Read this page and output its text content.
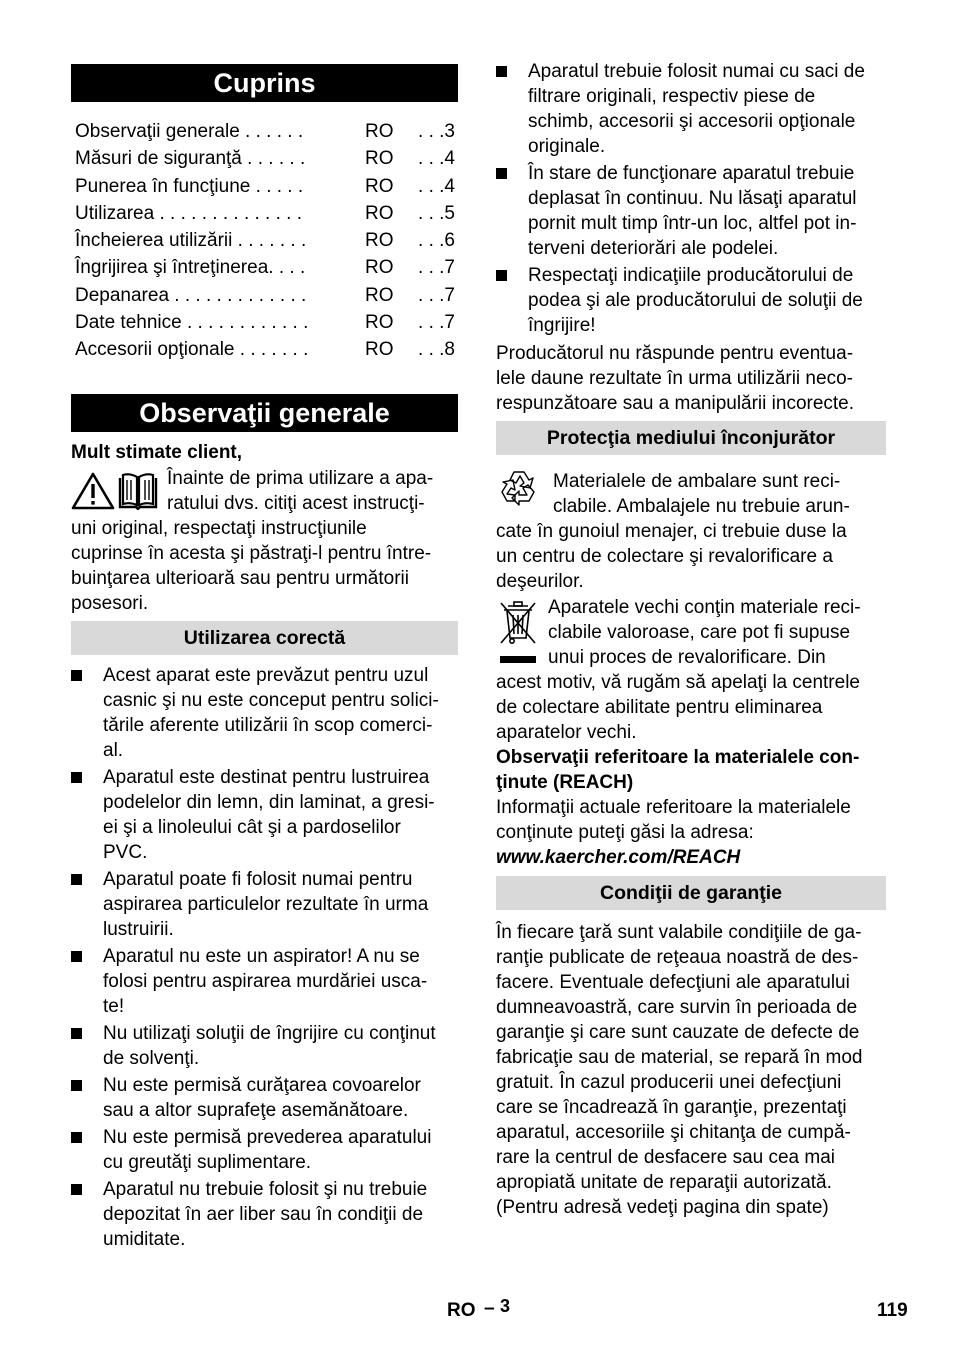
Cuprins
Observaţii generale . . . . . .	RO . . .3
Măsuri de siguranţă . . . . . .	RO . . .4
Punerea în funcţiune . . . . .	RO . . .4
Utilizarea . . . . . . . . . . . . . .	RO . . .5
Încheierea utilizării . . . . . . .	RO . . .6
Îngrijirea şi întreţinerea. . . .	RO . . .7
Depanarea . . . . . . . . . . . . .	RO . . .7
Date tehnice . . . . . . . . . . . .	RO . . .7
Accesorii opţionale . . . . . . .	RO . . .8
Observaţii generale
Mult stimate client,
Înainte de prima utilizare a apa-
ratului dvs. citiţi acest instrucţi-
uni original, respectaţi instrucţiunile
cuprinse în acesta şi păstraţi-l pentru între-
buinţarea ulterioară sau pentru următorii
posesori.
Utilizarea corectă
Acest aparat este prevăzut pentru uzul
casnic şi nu este conceput pentru solici-
tările aferente utilizării în scop comerci-
al.
Aparatul este destinat pentru lustruirea
podelelor din lemn, din laminat, a gresi-
ei şi a linoleului cât şi a pardoselilor
PVC.
Aparatul poate fi folosit numai pentru
aspirarea particulelor rezultate în urma
lustruirii.
Aparatul nu este un aspirator! A nu se
folosi pentru aspirarea murdăriei usca-
te!
Nu utilizaţi soluţii de îngrijire cu conţinut
de solvenţi.
Nu este permisă curăţarea covoarelor
sau a altor suprafeţe asemănătoare.
Nu este permisă prevederea aparatului
cu greutăţi suplimentare.
Aparatul nu trebuie folosit şi nu trebuie
depozitat în aer liber sau în condiţii de
umiditate.
Aparatul trebuie folosit numai cu saci de
filtrare originali, respectiv piese de
schimb, accesorii şi accesorii opţionale
originale.
În stare de funcţionare aparatul trebuie
deplasat în continuu. Nu lăsaţi aparatul
pornit mult timp într-un loc, altfel pot in-
terveni deteriorări ale podelei.
Respectaţi indicaţiile producătorului de
podea şi ale producătorului de soluţii de
îngrijire!
Producătorul nu răspunde pentru eventua-
lele daune rezultate în urma utilizării neco-
respunzătoare sau a manipulării incorecte.
Protecţia mediului înconjurător
Materialele de ambalare sunt reci-
clabile. Ambalajele nu trebuie arun-
cate în gunoiul menajer, ci trebuie duse la
un centru de colectare şi revalorificare a
deşeurilor.
Aparatele vechi conţin materiale reci-
clabile valoroase, care pot fi supuse
unui proces de revalorificare. Din
acest motiv, vă rugăm să apelaţi la centrele
de colectare abilitate pentru eliminarea
aparatelor vechi.
Observaţii referitoare la materialele con-
ţinute (REACH)
Informaţii actuale referitoare la materialele
conţinute puteţi găsi la adresa:
www.kaercher.com/REACH
Condiţii de garanţie
În fiecare ţară sunt valabile condiţiile de ga-
ranţie publicate de reţeaua noastră de des-
facere. Eventuale defecţiuni ale aparatului
dumneavoastră, care survin în perioada de
garanţie şi care sunt cauzate de defecte de
fabricaţie sau de material, se repară în mod
gratuit. În cazul producerii unei defecţiuni
care se încadrează în garanţie, prezentaţi
aparatul, accesoriile şi chitanţa de cumpă-
rare la centrul de desfacere sau cea mai
apropiată unitate de reparaţii autorizată.
(Pentru adresă vedeţi pagina din spate)
RO – 3	119
